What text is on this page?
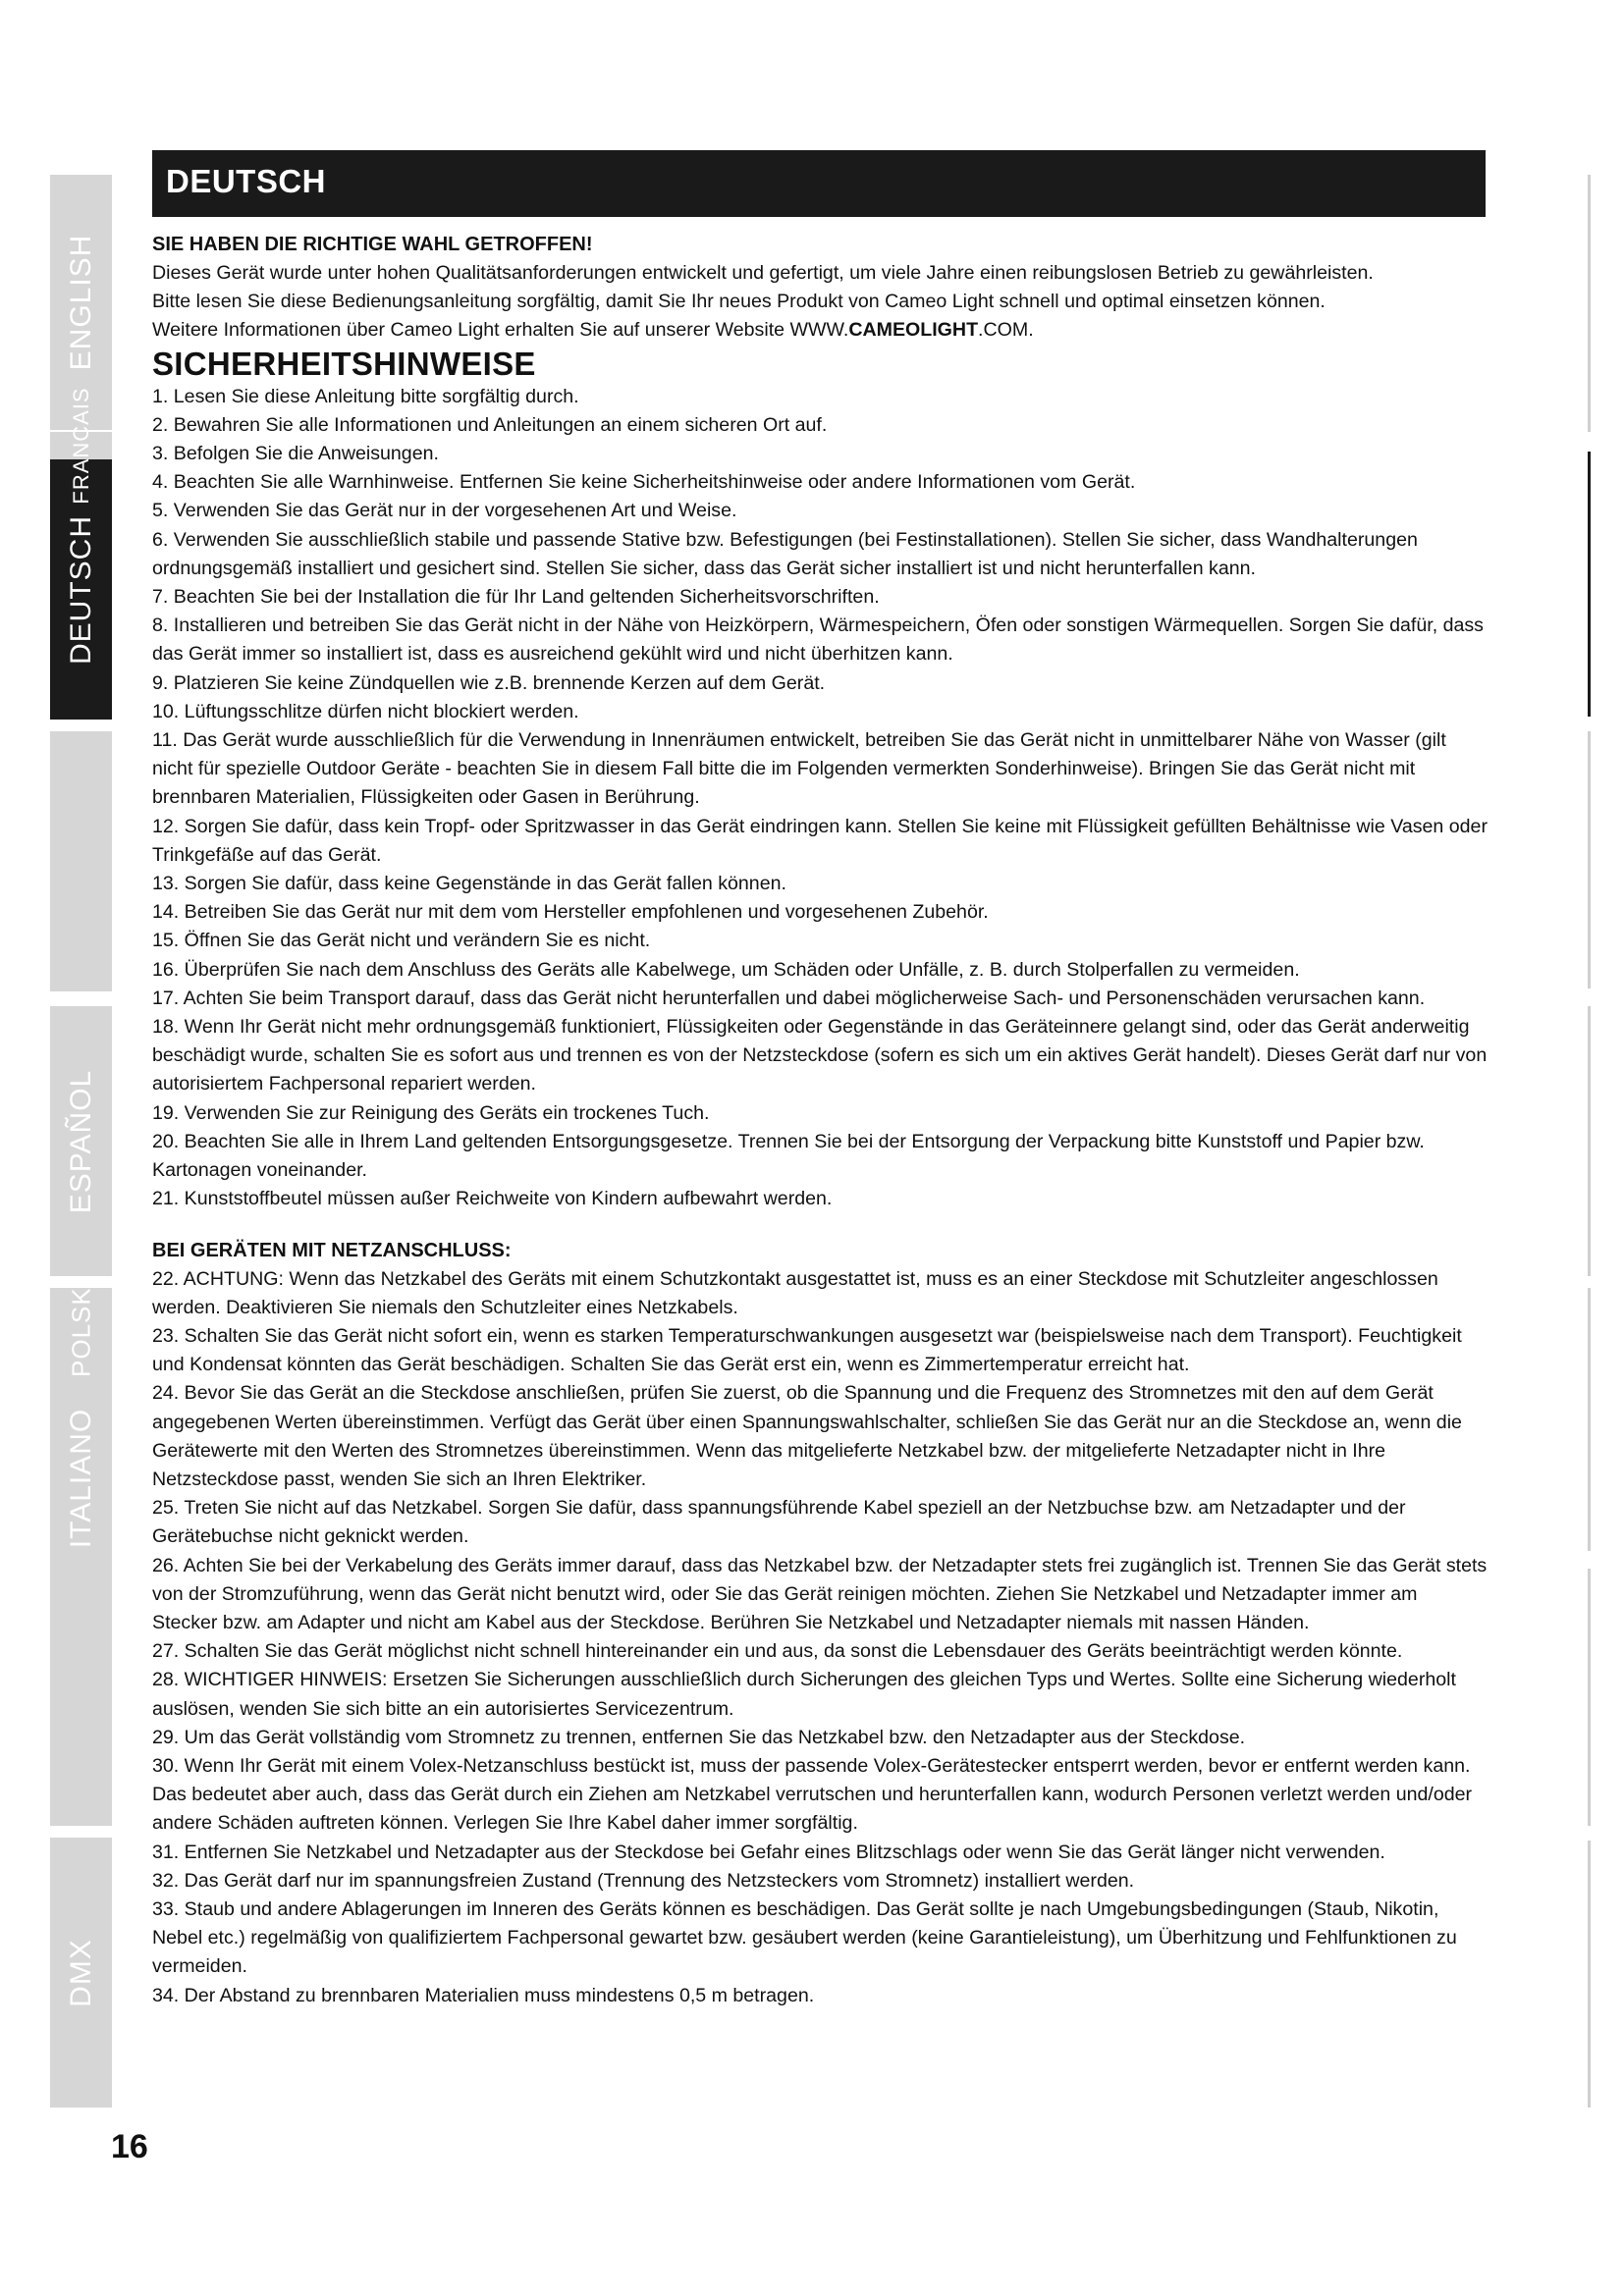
ENGLISH
DEUTSCH
FRANCAIS
ESPAÑOL
POLSKI
ITALIANO
DMX
DEUTSCH

SIE HABEN DIE RICHTIGE WAHL GETROFFEN!

Dieses Gerät wurde unter hohen Qualitätsanforderungen entwickelt und gefertigt, um viele Jahre einen reibungslosen Betrieb zu gewährleisten.

Bitte lesen Sie diese Bedienungsanleitung sorgfältig, damit Sie Ihr neues Produkt von Cameo Light schnell und optimal einsetzen können.

Weitere Informationen über Cameo Light erhalten Sie auf unserer Website WWW.CAMEOLIGHT.COM.

SICHERHEITSHINWEISE

1. Lesen Sie diese Anleitung bitte sorgfältig durch.

2. Bewahren Sie alle Informationen und Anleitungen an einem sicheren Ort auf.

3. Befolgen Sie die Anweisungen.

4. Beachten Sie alle Warnhinweise. Entfernen Sie keine Sicherheitshinweise oder andere Informationen vom Gerät.

5. Verwenden Sie das Gerät nur in der vorgesehenen Art und Weise.

6. Verwenden Sie ausschließlich stabile und passende Stative bzw. Befestigungen (bei Festinstallationen). Stellen Sie sicher, dass Wandhalterungen ordnungsgemäß installiert und gesichert sind. Stellen Sie sicher, dass das Gerät sicher installiert ist und nicht herunterfallen kann.

7. Beachten Sie bei der Installation die für Ihr Land geltenden Sicherheitsvorschriften.

8. Installieren und betreiben Sie das Gerät nicht in der Nähe von Heizkörpern, Wärmespeichern, Öfen oder sonstigen Wärmequellen. Sorgen Sie dafür, dass das Gerät immer so installiert ist, dass es ausreichend gekühlt wird und nicht überhitzen kann.

9. Platzieren Sie keine Zündquellen wie z.B. brennende Kerzen auf dem Gerät.

10. Lüftungsschlitze dürfen nicht blockiert werden.

11. Das Gerät wurde ausschließlich für die Verwendung in Innenräumen entwickelt, betreiben Sie das Gerät nicht in unmittelbarer Nähe von Wasser (gilt nicht für spezielle Outdoor Geräte - beachten Sie in diesem Fall bitte die im Folgenden vermerkten Sonderhinweise). Bringen Sie das Gerät nicht mit brennbaren Materialien, Flüssigkeiten oder Gasen in Berührung.

12. Sorgen Sie dafür, dass kein Tropf- oder Spritzwasser in das Gerät eindringen kann. Stellen Sie keine mit Flüssigkeit gefüllten Behältnisse wie Vasen oder Trinkgefäße auf das Gerät.

13. Sorgen Sie dafür, dass keine Gegenstände in das Gerät fallen können.

14. Betreiben Sie das Gerät nur mit dem vom Hersteller empfohlenen und vorgesehenen Zubehör.

15. Öffnen Sie das Gerät nicht und verändern Sie es nicht.

16. Überprüfen Sie nach dem Anschluss des Geräts alle Kabelwege, um Schäden oder Unfälle, z. B. durch Stolperfallen zu vermeiden.

17. Achten Sie beim Transport darauf, dass das Gerät nicht herunterfallen und dabei möglicherweise Sach- und Personenschäden verursachen kann.

18. Wenn Ihr Gerät nicht mehr ordnungsgemäß funktioniert, Flüssigkeiten oder Gegenstände in das Geräteinnere gelangt sind, oder das Gerät anderweitig beschädigt wurde, schalten Sie es sofort aus und trennen es von der Netzsteckdose (sofern es sich um ein aktives Gerät handelt). Dieses Gerät darf nur von autorisiertem Fachpersonal repariert werden.

19. Verwenden Sie zur Reinigung des Geräts ein trockenes Tuch.

20. Beachten Sie alle in Ihrem Land geltenden Entsorgungsgesetze. Trennen Sie bei der Entsorgung der Verpackung bitte Kunststoff und Papier bzw. Kartonagen voneinander.

21. Kunststoffbeutel müssen außer Reichweite von Kindern aufbewahrt werden.

BEI GERÄTEN MIT NETZANSCHLUSS:

22. ACHTUNG: Wenn das Netzkabel des Geräts mit einem Schutzkontakt ausgestattet ist, muss es an einer Steckdose mit Schutzleiter angeschlossen werden. Deaktivieren Sie niemals den Schutzleiter eines Netzkabels.

23. Schalten Sie das Gerät nicht sofort ein, wenn es starken Temperaturschwankungen ausgesetzt war (beispielsweise nach dem Transport). Feuchtigkeit und Kondensat könnten das Gerät beschädigen. Schalten Sie das Gerät erst ein, wenn es Zimmertemperatur erreicht hat.

24. Bevor Sie das Gerät an die Steckdose anschließen, prüfen Sie zuerst, ob die Spannung und die Frequenz des Stromnetzes mit den auf dem Gerät angegebenen Werten übereinstimmen. Verfügt das Gerät über einen Spannungswahlschalter, schließen Sie das Gerät nur an die Steckdose an, wenn die Gerätewerte mit den Werten des Stromnetzes übereinstimmen. Wenn das mitgelieferte Netzkabel bzw. der mitgelieferte Netzadapter nicht in Ihre Netzsteckdose passt, wenden Sie sich an Ihren Elektriker.

25. Treten Sie nicht auf das Netzkabel. Sorgen Sie dafür, dass spannungsführende Kabel speziell an der Netzbuchse bzw. am Netzadapter und der Gerätebuchse nicht geknickt werden.

26. Achten Sie bei der Verkabelung des Geräts immer darauf, dass das Netzkabel bzw. der Netzadapter stets frei zugänglich ist. Trennen Sie das Gerät stets von der Stromzuführung, wenn das Gerät nicht benutzt wird, oder Sie das Gerät reinigen möchten. Ziehen Sie Netzkabel und Netzadapter immer am Stecker bzw. am Adapter und nicht am Kabel aus der Steckdose. Berühren Sie Netzkabel und Netzadapter niemals mit nassen Händen.

27. Schalten Sie das Gerät möglichst nicht schnell hintereinander ein und aus, da sonst die Lebensdauer des Geräts beeinträchtigt werden könnte.

28. WICHTIGER HINWEIS: Ersetzen Sie Sicherungen ausschließlich durch Sicherungen des gleichen Typs und Wertes. Sollte eine Sicherung wiederholt auslösen, wenden Sie sich bitte an ein autorisiertes Servicezentrum.

29. Um das Gerät vollständig vom Stromnetz zu trennen, entfernen Sie das Netzkabel bzw. den Netzadapter aus der Steckdose.

30. Wenn Ihr Gerät mit einem Volex-Netzanschluss bestückt ist, muss der passende Volex-Gerätestecker entsperrt werden, bevor er entfernt werden kann. Das bedeutet aber auch, dass das Gerät durch ein Ziehen am Netzkabel verrutschen und herunterfallen kann, wodurch Personen verletzt werden und/oder andere Schäden auftreten können. Verlegen Sie Ihre Kabel daher immer sorgfältig.

31. Entfernen Sie Netzkabel und Netzadapter aus der Steckdose bei Gefahr eines Blitzschlags oder wenn Sie das Gerät länger nicht verwenden.

32. Das Gerät darf nur im spannungsfreien Zustand (Trennung des Netzsteckers vom Stromnetz) installiert werden.

33. Staub und andere Ablagerungen im Inneren des Geräts können es beschädigen. Das Gerät sollte je nach Umgebungsbedingungen (Staub, Nikotin, Nebel etc.) regelmäßig von qualifiziertem Fachpersonal gewartet bzw. gesäubert werden (keine Garantieleistung), um Überhitzung und Fehlfunktionen zu vermeiden.

34. Der Abstand zu brennbaren Materialien muss mindestens 0,5 m betragen.

16
